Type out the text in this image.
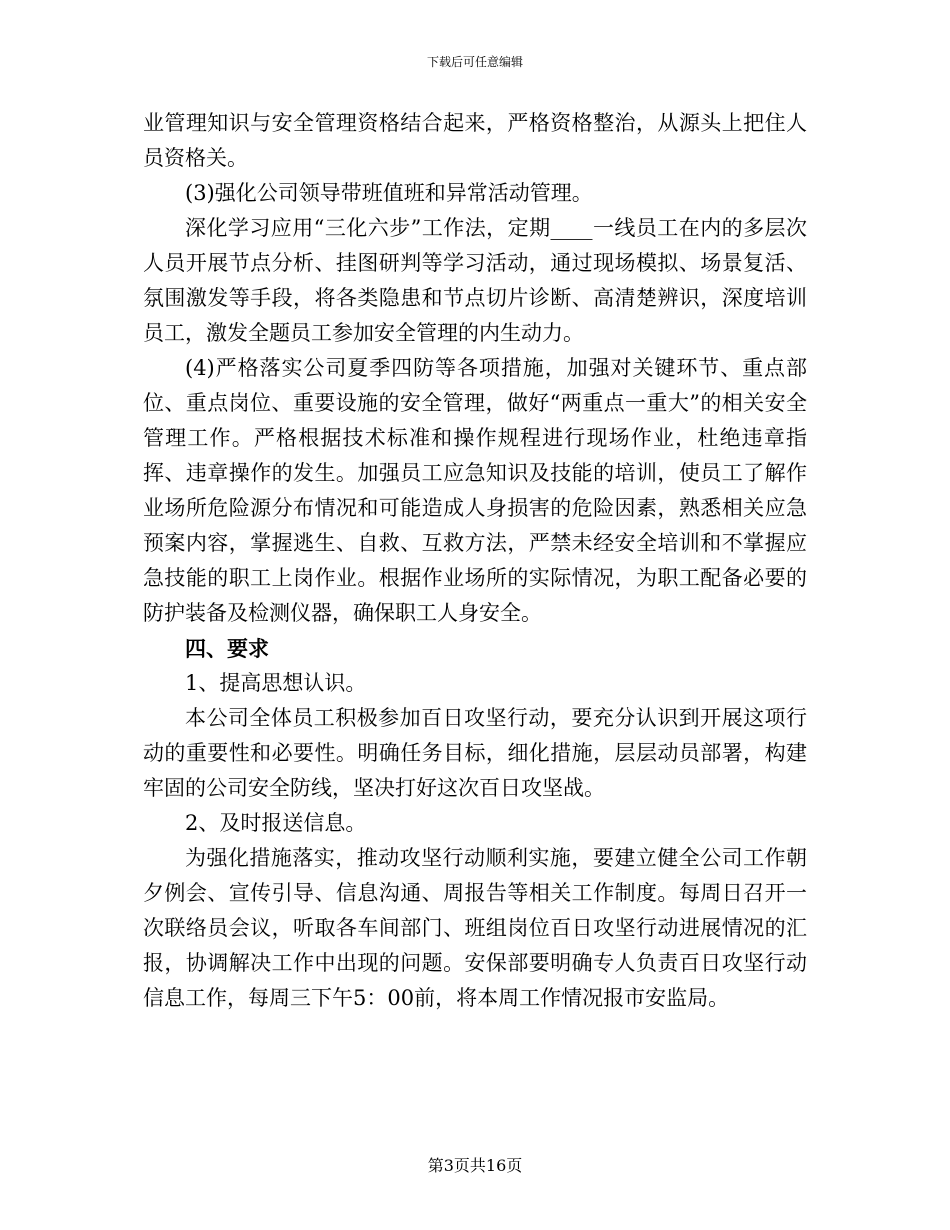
下载后可任意编辑

业管理知识与安全管理资格结合起来，严格资格整治，从源头上把住人员资格关。

(3)强化公司领导带班值班和异常活动管理。

深化学习应用“三化六步”工作法，定期____一线员工在内的多层次人员开展节点分析、挂图研判等学习活动，通过现场模拟、场景复活、氛围激发等手段，将各类隐患和节点切片诊断、高清楚辨识，深度培训员工，激发全题员工参加安全管理的内生动力。

(4)严格落实公司夏季四防等各项措施，加强对关键环节、重点部位、重点岗位、重要设施的安全管理，做好“两重点一重大”的相关安全管理工作。严格根据技术标准和操作规程进行现场作业，杜绝违章指挥、违章操作的发生。加强员工应急知识及技能的培训，使员工了解作业场所危险源分布情况和可能造成人身损害的危险因素，熟悉相关应急预案内容，掌握逃生、自救、互救方法，严禁未经安全培训和不掌握应急技能的职工上岗作业。根据作业场所的实际情况，为职工配备必要的防护装备及检测仪器，确保职工人身安全。

四、要求

1、提高思想认识。

本公司全体员工积极参加百日攻坚行动，要充分认识到开展这项行动的重要性和必要性。明确任务目标，细化措施，层层动员部署，构建牢固的公司安全防线，坚决打好这次百日攻坚战。

2、及时报送信息。

为强化措施落实，推动攻坚行动顺利实施，要建立健全公司工作朝夕例会、宣传引导、信息沟通、周报告等相关工作制度。每周日召开一次联络员会议，听取各车间部门、班组岗位百日攻坚行动进展情况的汇报，协调解决工作中出现的问题。安保部要明确专人负责百日攻坚行动信息工作，每周三下午5：00前，将本周工作情况报市安监局。

第3页共16页
